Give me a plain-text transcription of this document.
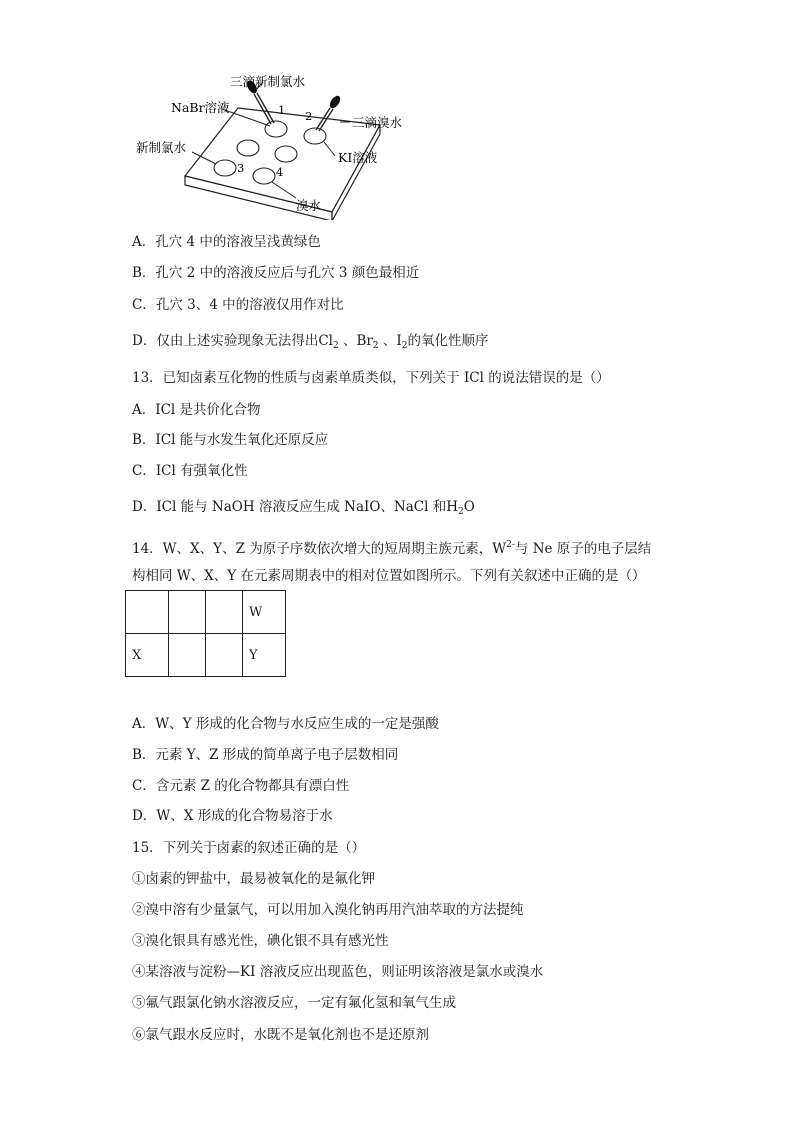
三滴新制氯水
NaBr溶液
三滴溴水
新制氯水
KI溶液
溴水
1 2
3	4
A．孔穴 4 中的溶液呈浅黄绿色
B．孔穴 2 中的溶液反应后与孔穴 3 颜色最相近
C．孔穴 3、4 中的溶液仅用作对比
D．仅由上述实验现象无法得出$Cl_2$ 、$Br_2$ 、$I_2$的氧化性顺序
13．已知卤素互化物的性质与卤素单质类似，下列关于 ICl 的说法错误的是（）
A．ICl 是共价化合物
B．ICl 能与水发生氧化还原反应
C．ICl 有强氧化性
D．ICl 能与 NaOH 溶液反应生成 NaIO、NaCl 和$H_2O$
14．W、X、Y、Z 为原子序数依次增大的短周期主族元素，$W^{2-}$与 Ne 原子的电子层结
构相同 W、X、Y 在元素周期表中的相对位置如图所示。下列有关叙述中正确的是（）
			W
X			Y
A．W、Y 形成的化合物与水反应生成的一定是强酸
B．元素 Y、Z 形成的简单离子电子层数相同
C．含元素 Z 的化合物都具有漂白性
D．W、X 形成的化合物易溶于水
15．下列关于卤素的叙述正确的是（）
①卤素的钾盐中，最易被氧化的是氟化钾
②溴中溶有少量氯气，可以用加入溴化钠再用汽油萃取的方法提纯
③溴化银具有感光性，碘化银不具有感光性
④某溶液与淀粉—KI 溶液反应出现蓝色，则证明该溶液是氯水或溴水
⑤氟气跟氯化钠水溶液反应，一定有氟化氢和氧气生成
⑥氯气跟水反应时，水既不是氧化剂也不是还原剂
